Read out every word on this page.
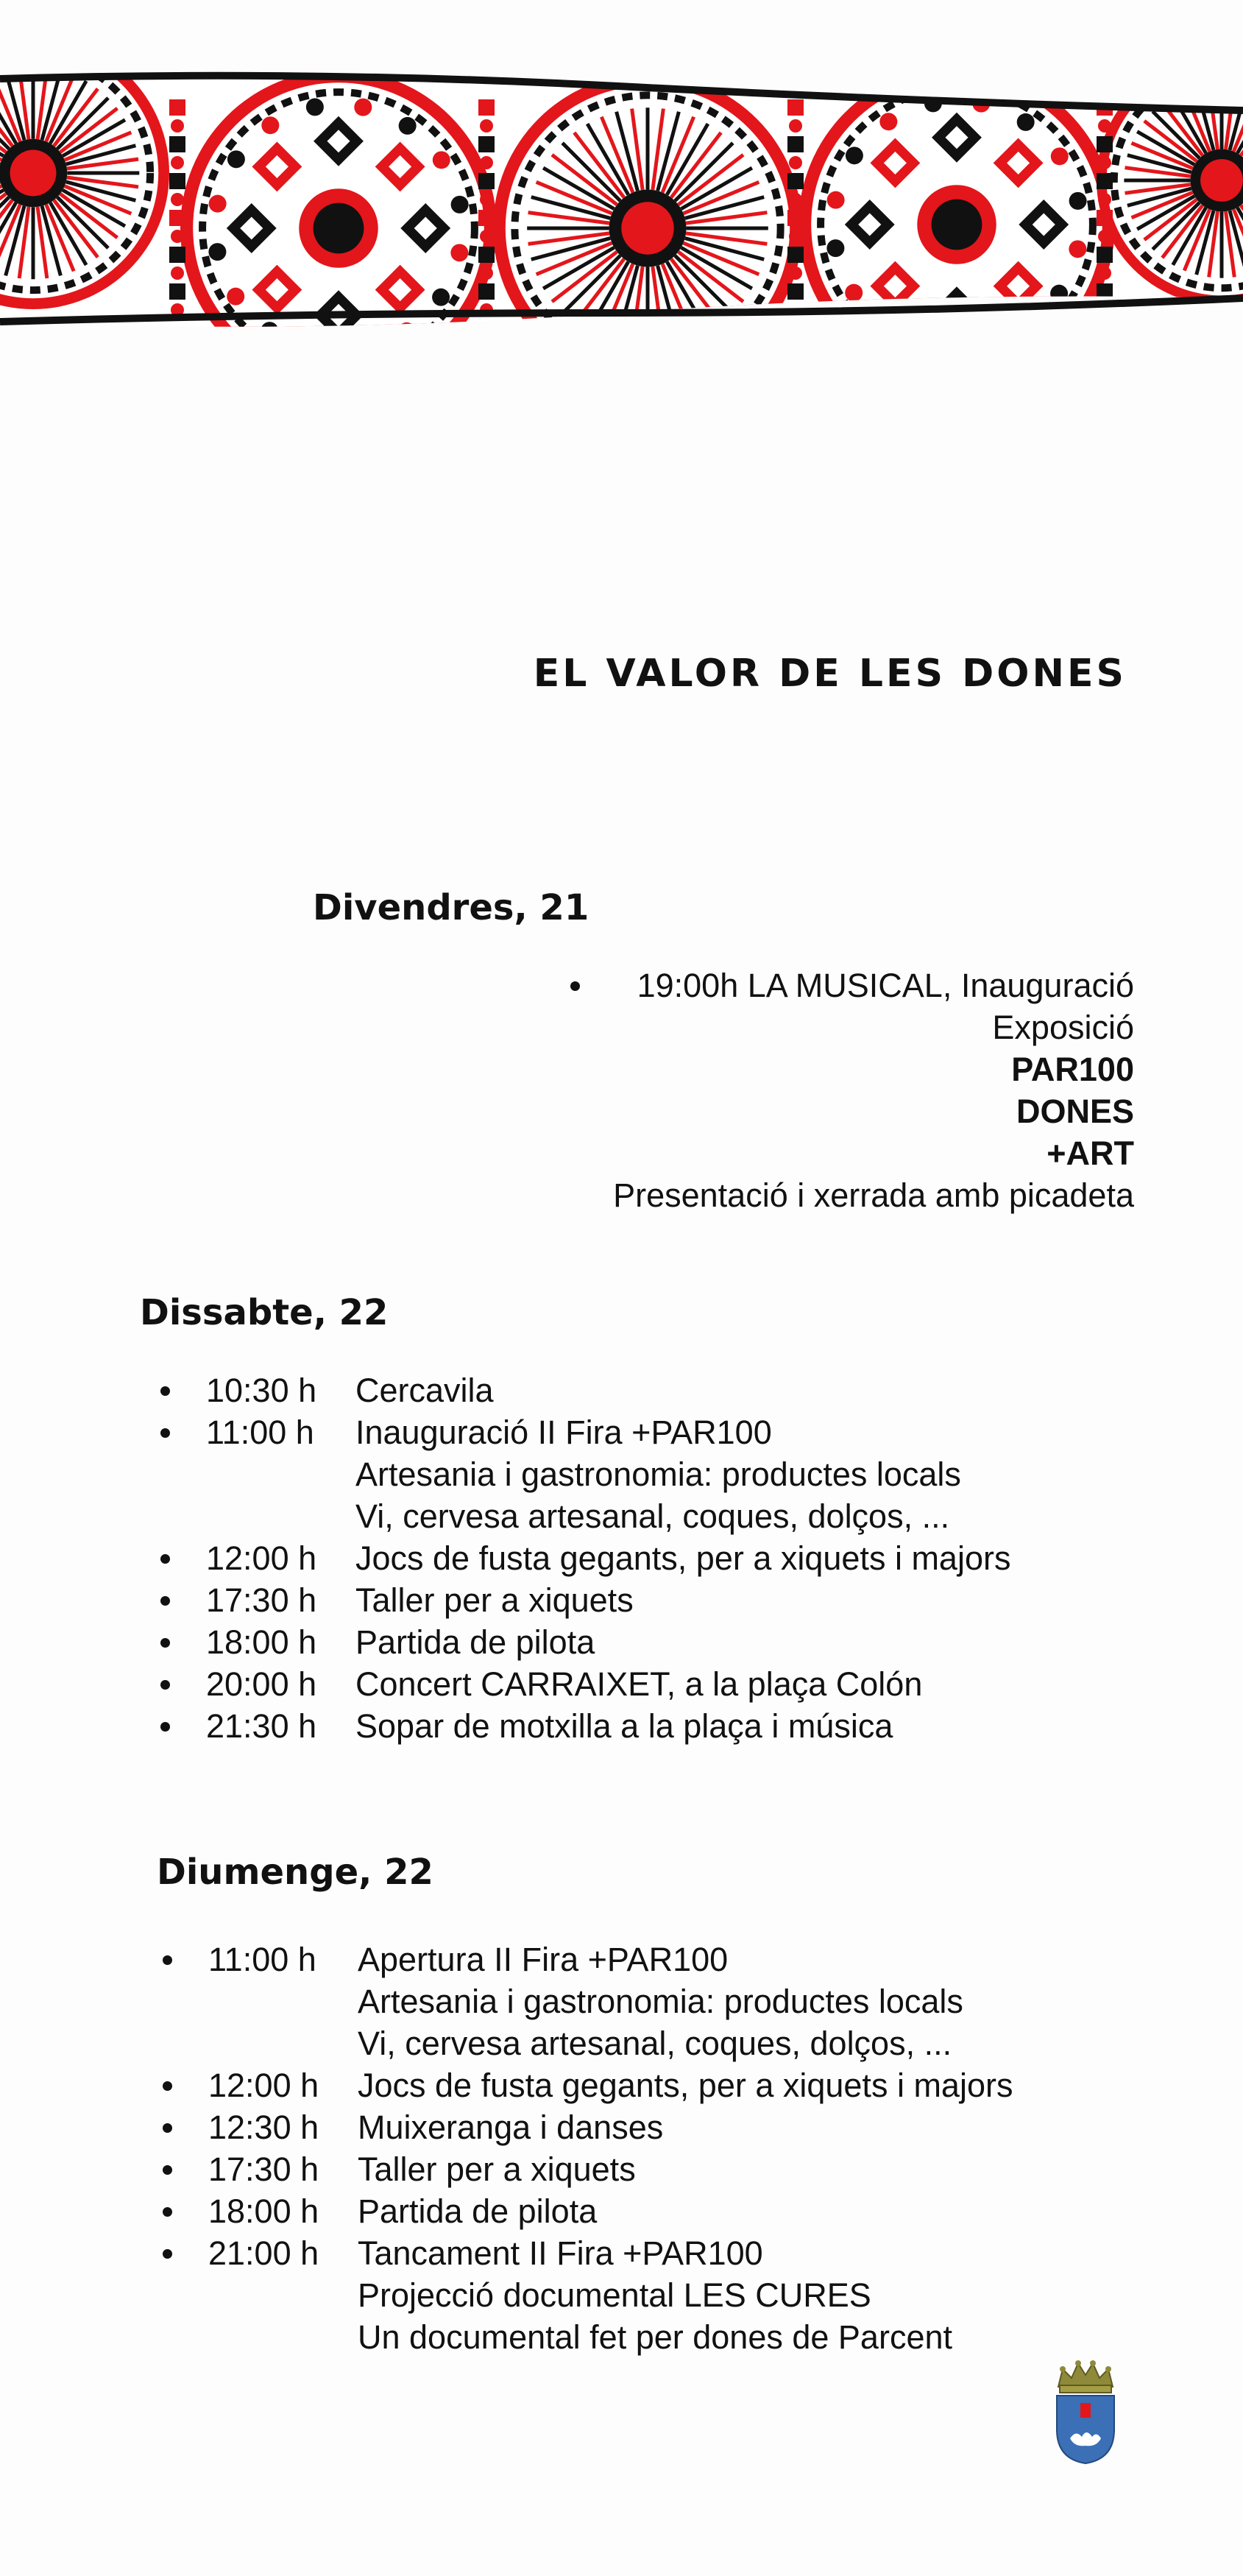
EL VALOR DE LES DONES
Divendres, 21
19:00h LA MUSICAL, Inauguració
Exposició
PAR100
DONES
+ART
Presentació i xerrada amb picadeta
Dissabte, 22
10:30 h Cercavila
11:00 h Inauguració II Fira +PAR100
Artesania i gastronomia: productes locals
Vi, cervesa artesanal, coques, dolços, ...
12:00 h Jocs de fusta gegants, per a xiquets i majors
17:30 h Taller per a xiquets
18:00 h Partida de pilota
20:00 h Concert CARRAIXET, a la plaça Colón
21:30 h Sopar de motxilla a la plaça i música
Diumenge, 22
11:00 h Apertura II Fira +PAR100
Artesania i gastronomia: productes locals
Vi, cervesa artesanal, coques, dolços, ...
12:00 h Jocs de fusta gegants, per a xiquets i majors
12:30 h Muixeranga i danses
17:30 h Taller per a xiquets
18:00 h Partida de pilota
21:00 h Tancament II Fira +PAR100
Projecció documental LES CURES
Un documental fet per dones de Parcent
